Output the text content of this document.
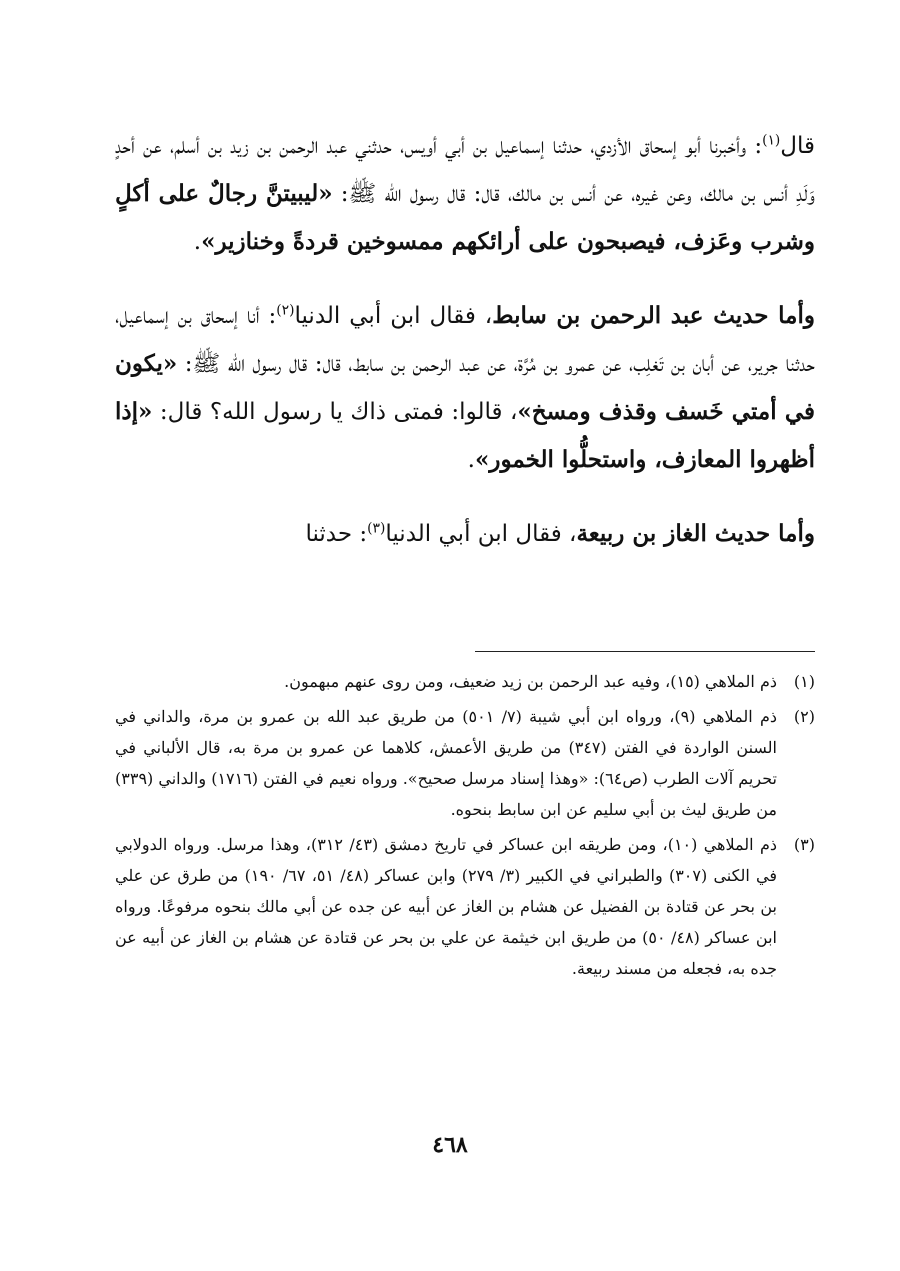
قال$^{(١)}$: وأخبرنا أبو إسحاق الأزدي، حدثنا إسماعيل بن أبي أويس، حدثني عبد الرحمن بن زيد بن أسلم، عن أحدٍ وَلَدِ أنس بن مالك، وعن غيره، عن أنس بن مالك، قال: قال رسول الله ﷺ: «ليبيتنَّ رجالٌ على أكلٍ وشرب وعَزف، فيصبحون على أرائكهم ممسوخين قردةً وخنازير».

وأما حديث عبد الرحمن بن سابط، فقال ابن أبي الدنيا$^{(٢)}$: أنا إسحاق بن إسماعيل، حدثنا جرير، عن أبان بن تَغلِب، عن عمرو بن مُرَّة، عن عبد الرحمن بن سابط، قال: قال رسول الله ﷺ: «يكون في أمتي خَسف وقذف ومسخ»، قالوا: فمتى ذاك يا رسول الله؟ قال: «إذا أظهروا المعازف، واستحلُّوا الخمور».

وأما حديث الغاز بن ربيعة، فقال ابن أبي الدنيا$^{(٣)}$: حدثنا

(١)
ذم الملاهي (١٥)، وفيه عبد الرحمن بن زيد ضعيف، ومن روى عنهم مبهمون.
(٢)
ذم الملاهي (٩)، ورواه ابن أبي شيبة (٧/ ٥٠١) من طريق عبد الله بن عمرو بن مرة، والداني في السنن الواردة في الفتن (٣٤٧) من طريق الأعمش، كلاهما عن عمرو بن مرة به، قال الألباني في تحريم آلات الطرب (ص٦٤): «وهذا إسناد مرسل صحيح». ورواه نعيم في الفتن (١٧١٦) والداني (٣٣٩) من طريق ليث بن أبي سليم عن ابن سابط بنحوه.
(٣)
ذم الملاهي (١٠)، ومن طريقه ابن عساكر في تاريخ دمشق (٤٣/ ٣١٢)، وهذا مرسل. ورواه الدولابي في الكنى (٣٠٧) والطبراني في الكبير (٣/ ٢٧٩) وابن عساكر (٤٨/ ٥١، ٦٧/ ١٩٠) من طرق عن علي بن بحر عن قتادة بن الفضيل عن هشام بن الغاز عن أبيه عن جده عن أبي مالك بنحوه مرفوعًا. ورواه ابن عساكر (٤٨/ ٥٠) من طريق ابن خيثمة عن علي بن بحر عن قتادة عن هشام بن الغاز عن أبيه عن جده به، فجعله من مسند ربيعة.
٤٦٨
